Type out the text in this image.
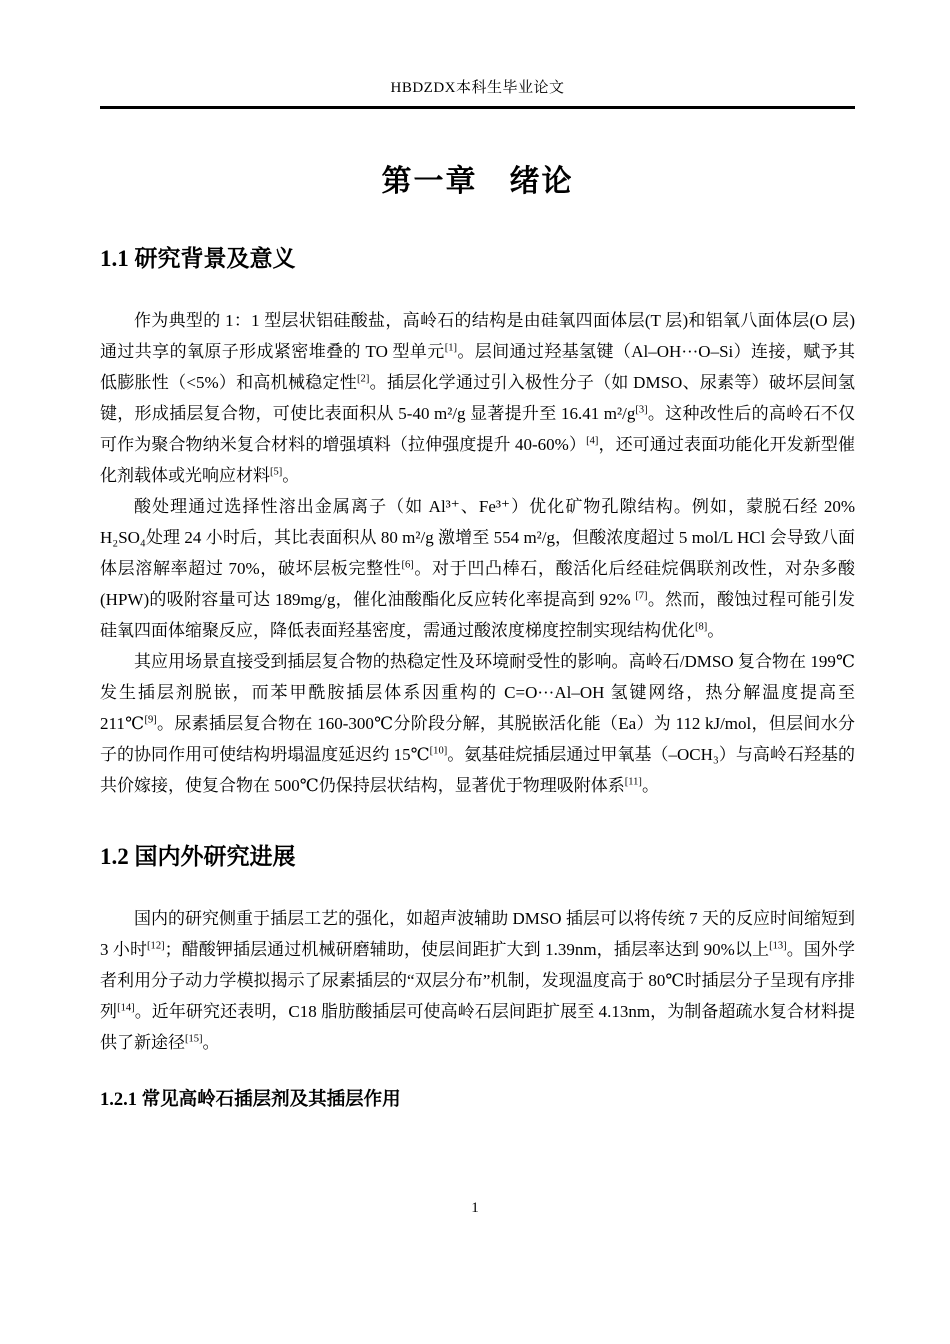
HBDZDX本科生毕业论文
第一章　绪论
1.1 研究背景及意义

作为典型的 1：1 型层状铝硅酸盐，高岭石的结构是由硅氧四面体层(T 层)和铝氧八面体层(O 层)通过共享的氧原子形成紧密堆叠的 TO 型单元[1]。层间通过羟基氢键（Al–OH···O–Si）连接，赋予其低膨胀性（<5%）和高机械稳定性[2]。插层化学通过引入极性分子（如 DMSO、尿素等）破坏层间氢键，形成插层复合物，可使比表面积从 5-40 m²/g 显著提升至 16.41 m²/g[3]。这种改性后的高岭石不仅可作为聚合物纳米复合材料的增强填料（拉伸强度提升 40-60%）[4]，还可通过表面功能化开发新型催化剂载体或光响应材料[5]。

酸处理通过选择性溶出金属离子（如 Al³⁺、Fe³⁺）优化矿物孔隙结构。例如，蒙脱石经 20% H₂SO₄处理 24 小时后，其比表面积从 80 m²/g 激增至 554 m²/g，但酸浓度超过 5 mol/L HCl 会导致八面体层溶解率超过 70%，破坏层板完整性[6]。对于凹凸棒石，酸活化后经硅烷偶联剂改性，对杂多酸(HPW)的吸附容量可达 189mg/g，催化油酸酯化反应转化率提高到 92% [7]。然而，酸蚀过程可能引发硅氧四面体缩聚反应，降低表面羟基密度，需通过酸浓度梯度控制实现结构优化[8]。

其应用场景直接受到插层复合物的热稳定性及环境耐受性的影响。高岭石/DMSO 复合物在 199℃发生插层剂脱嵌，而苯甲酰胺插层体系因重构的 C=O···Al–OH 氢键网络，热分解温度提高至 211℃[9]。尿素插层复合物在 160-300℃分阶段分解，其脱嵌活化能（Ea）为 112 kJ/mol，但层间水分子的协同作用可使结构坍塌温度延迟约 15℃[10]。氨基硅烷插层通过甲氧基（–OCH₃）与高岭石羟基的共价嫁接，使复合物在 500℃仍保持层状结构，显著优于物理吸附体系[11]。

1.2 国内外研究进展

国内的研究侧重于插层工艺的强化，如超声波辅助 DMSO 插层可以将传统 7 天的反应时间缩短到 3 小时[12]；醋酸钾插层通过机械研磨辅助，使层间距扩大到 1.39nm，插层率达到 90%以上[13]。国外学者利用分子动力学模拟揭示了尿素插层的“双层分布”机制，发现温度高于 80℃时插层分子呈现有序排列[14]。近年研究还表明，C18 脂肪酸插层可使高岭石层间距扩展至 4.13nm，为制备超疏水复合材料提供了新途径[15]。

1.2.1 常见高岭石插层剂及其插层作用
1
